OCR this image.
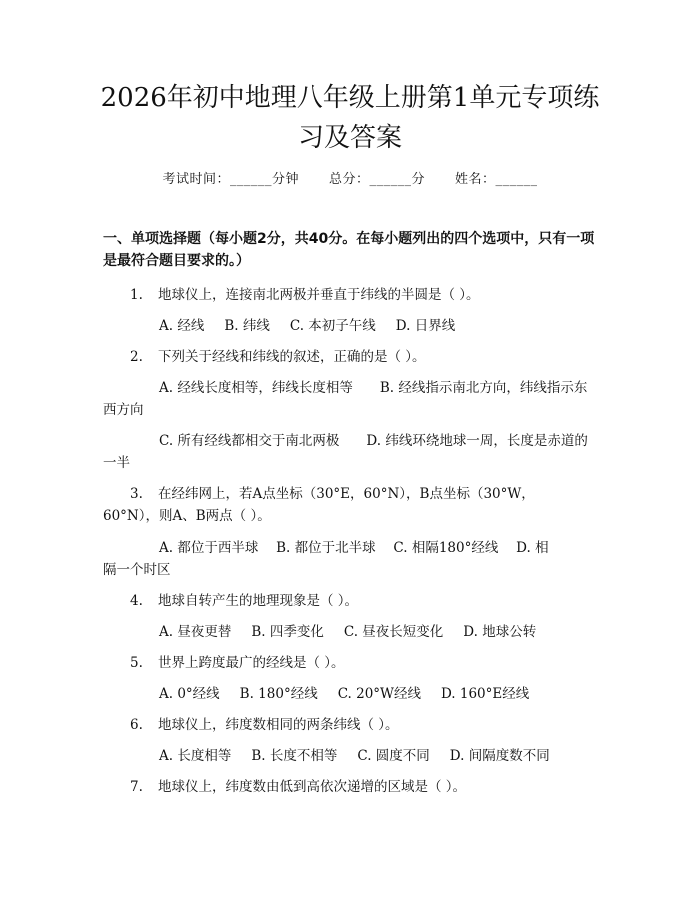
2026年初中地理八年级上册第1单元专项练习及答案
考试时间：______分钟 总分：______分 姓名：______
一、单项选择题（每小题2分，共40分。在每小题列出的四个选项中，只有一项是最符合题目要求的。）
1. 地球仪上，连接南北两极并垂直于纬线的半圆是（ ）。
A. 经线 B. 纬线 C. 本初子午线 D. 日界线
2. 下列关于经线和纬线的叙述，正确的是（ ）。
A. 经线长度相等，纬线长度相等　　B. 经线指示南北方向，纬线指示东
西方向
C. 所有经线都相交于南北两极　　D. 纬线环绕地球一周，长度是赤道的
一半
3. 在经纬网上，若A点坐标（30°E，60°N），B点坐标（30°W，
60°N），则A、B两点（ ）。
A. 都位于西半球　 B. 都位于北半球　 C. 相隔180°经线　 D. 相
隔一个时区
4. 地球自转产生的地理现象是（ ）。
A. 昼夜更替 B. 四季变化 C. 昼夜长短变化 D. 地球公转
5. 世界上跨度最广的经线是（ ）。
A. 0°经线 B. 180°经线 C. 20°W经线 D. 160°E经线
6. 地球仪上，纬度数相同的两条纬线（ ）。
A. 长度相等 B. 长度不相等 C. 圆度不同 D. 间隔度数不同
7. 地球仪上，纬度数由低到高依次递增的区域是（ ）。
